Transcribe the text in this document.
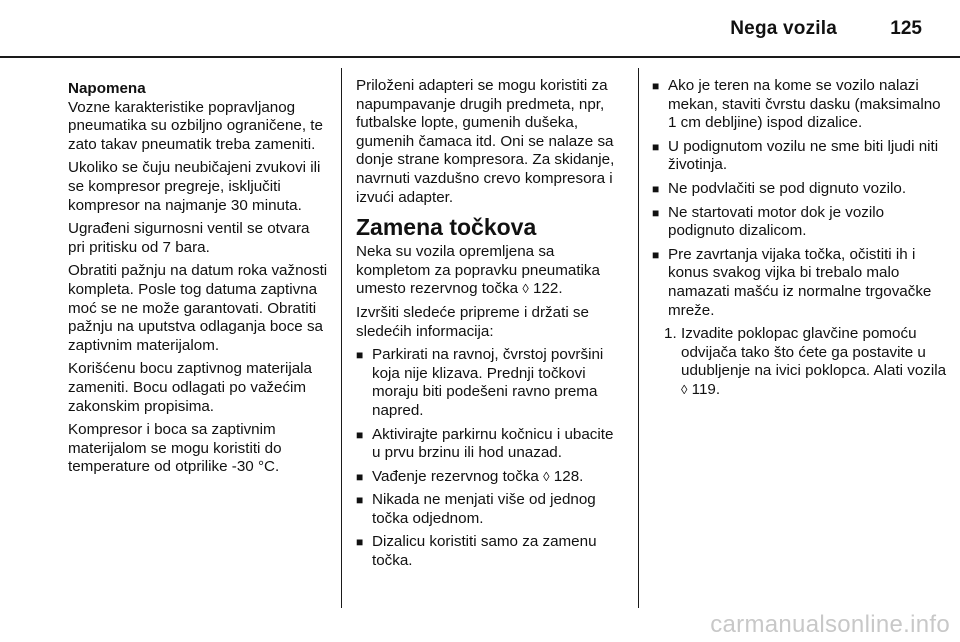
Nega vozila	125

Napomena

Vozne karakteristike popravljanog pneumatika su ozbiljno ograničene, te zato takav pneumatik treba zameniti.

Ukoliko se čuju neubičajeni zvukovi ili se kompresor pregreje, isključiti kompresor na najmanje 30 minuta.

Ugrađeni sigurnosni ventil se otvara pri pritisku od 7 bara.

Obratiti pažnju na datum roka važnosti kompleta. Posle tog datuma zaptivna moć se ne može garantovati. Obratiti pažnju na uputstva odlaganja boce sa zaptivnim materijalom.

Korišćenu bocu zaptivnog materijala zameniti. Bocu odlagati po važećim zakonskim propisima.

Kompresor i boca sa zaptivnim materijalom se mogu koristiti do temperature od otprilike -30 °C.

Priloženi adapteri se mogu koristiti za napumpavanje drugih predmeta, npr, futbalske lopte, gumenih dušeka, gumenih čamaca itd. Oni se nalaze sa donje strane kompresora. Za skidanje, navrnuti vazdušno crevo kompresora i izvući adapter.

Zamena točkova

Neka su vozila opremljena sa kompletom za popravku pneumatika umesto rezervnog točka ◊ 122.

Izvršiti sledeće pripreme i držati se sledećih informacija:

■ Parkirati na ravnoj, čvrstoj površini koja nije klizava. Prednji točkovi moraju biti podešeni ravno prema napred.
■ Aktivirajte parkirnu kočnicu i ubacite u prvu brzinu ili hod unazad.
■ Vađenje rezervnog točka ◊ 128.
■ Nikada ne menjati više od jednog točka odjednom.
■ Dizalicu koristiti samo za zamenu točka.
■ Ako je teren na kome se vozilo nalazi mekan, staviti čvrstu dasku (maksimalno 1 cm debljine) ispod dizalice.
■ U podignutom vozilu ne sme biti ljudi niti životinja.
■ Ne podvlačiti se pod dignuto vozilo.
■ Ne startovati motor dok je vozilo podignuto dizalicom.
■ Pre zavrtanja vijaka točka, očistiti ih i konus svakog vijka bi trebalo malo namazati mašću iz normalne trgovačke mreže.
1. Izvadite poklopac glavčine pomoću odvijača tako što ćete ga postavite u udubljenje na ivici poklopca. Alati vozila ◊ 119.
carmanualsonline.info
